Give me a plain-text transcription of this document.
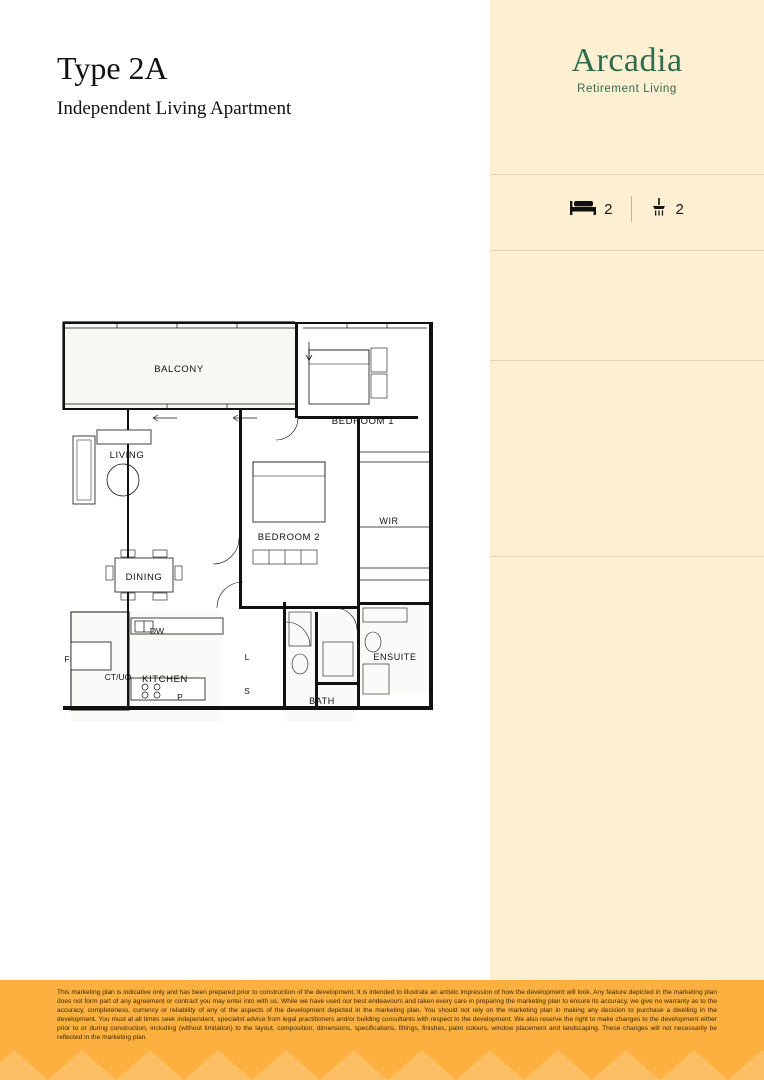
Type 2A
Independent Living Apartment
BALCONY
LIVING
DINING
KITCHEN
BEDROOM 1
BEDROOM 2
WIR
ENSUITE
BATH
DW
CT/UO
F
P
L
S
Arcadia
Retirement Living
2	2
This marketing plan is indicative only and has been prepared prior to construction of the development. It is intended to illustrate an artistic impression of how the development will look. Any feature depicted in the marketing plan does not form part of any agreement or contract you may enter into with us. While we have used our best endeavours and taken every care in preparing the marketing plan to ensure its accuracy, we give no warranty as to the accuracy, completeness, currency or reliability of any of the aspects of the development depicted in the marketing plan. You should not rely on the marketing plan in making any decision to purchase a dwelling in the development. You must at all times seek independent, specialist advice from legal practitioners and/or building consultants with respect to the development. We also reserve the right to make changes to the development either prior to or during construction, including (without limitation) to the layout, composition, dimensions, specifications, fittings, finishes, paint colours, window placement and landscaping. These changes will not necessarily be reflected in the marketing plan.
